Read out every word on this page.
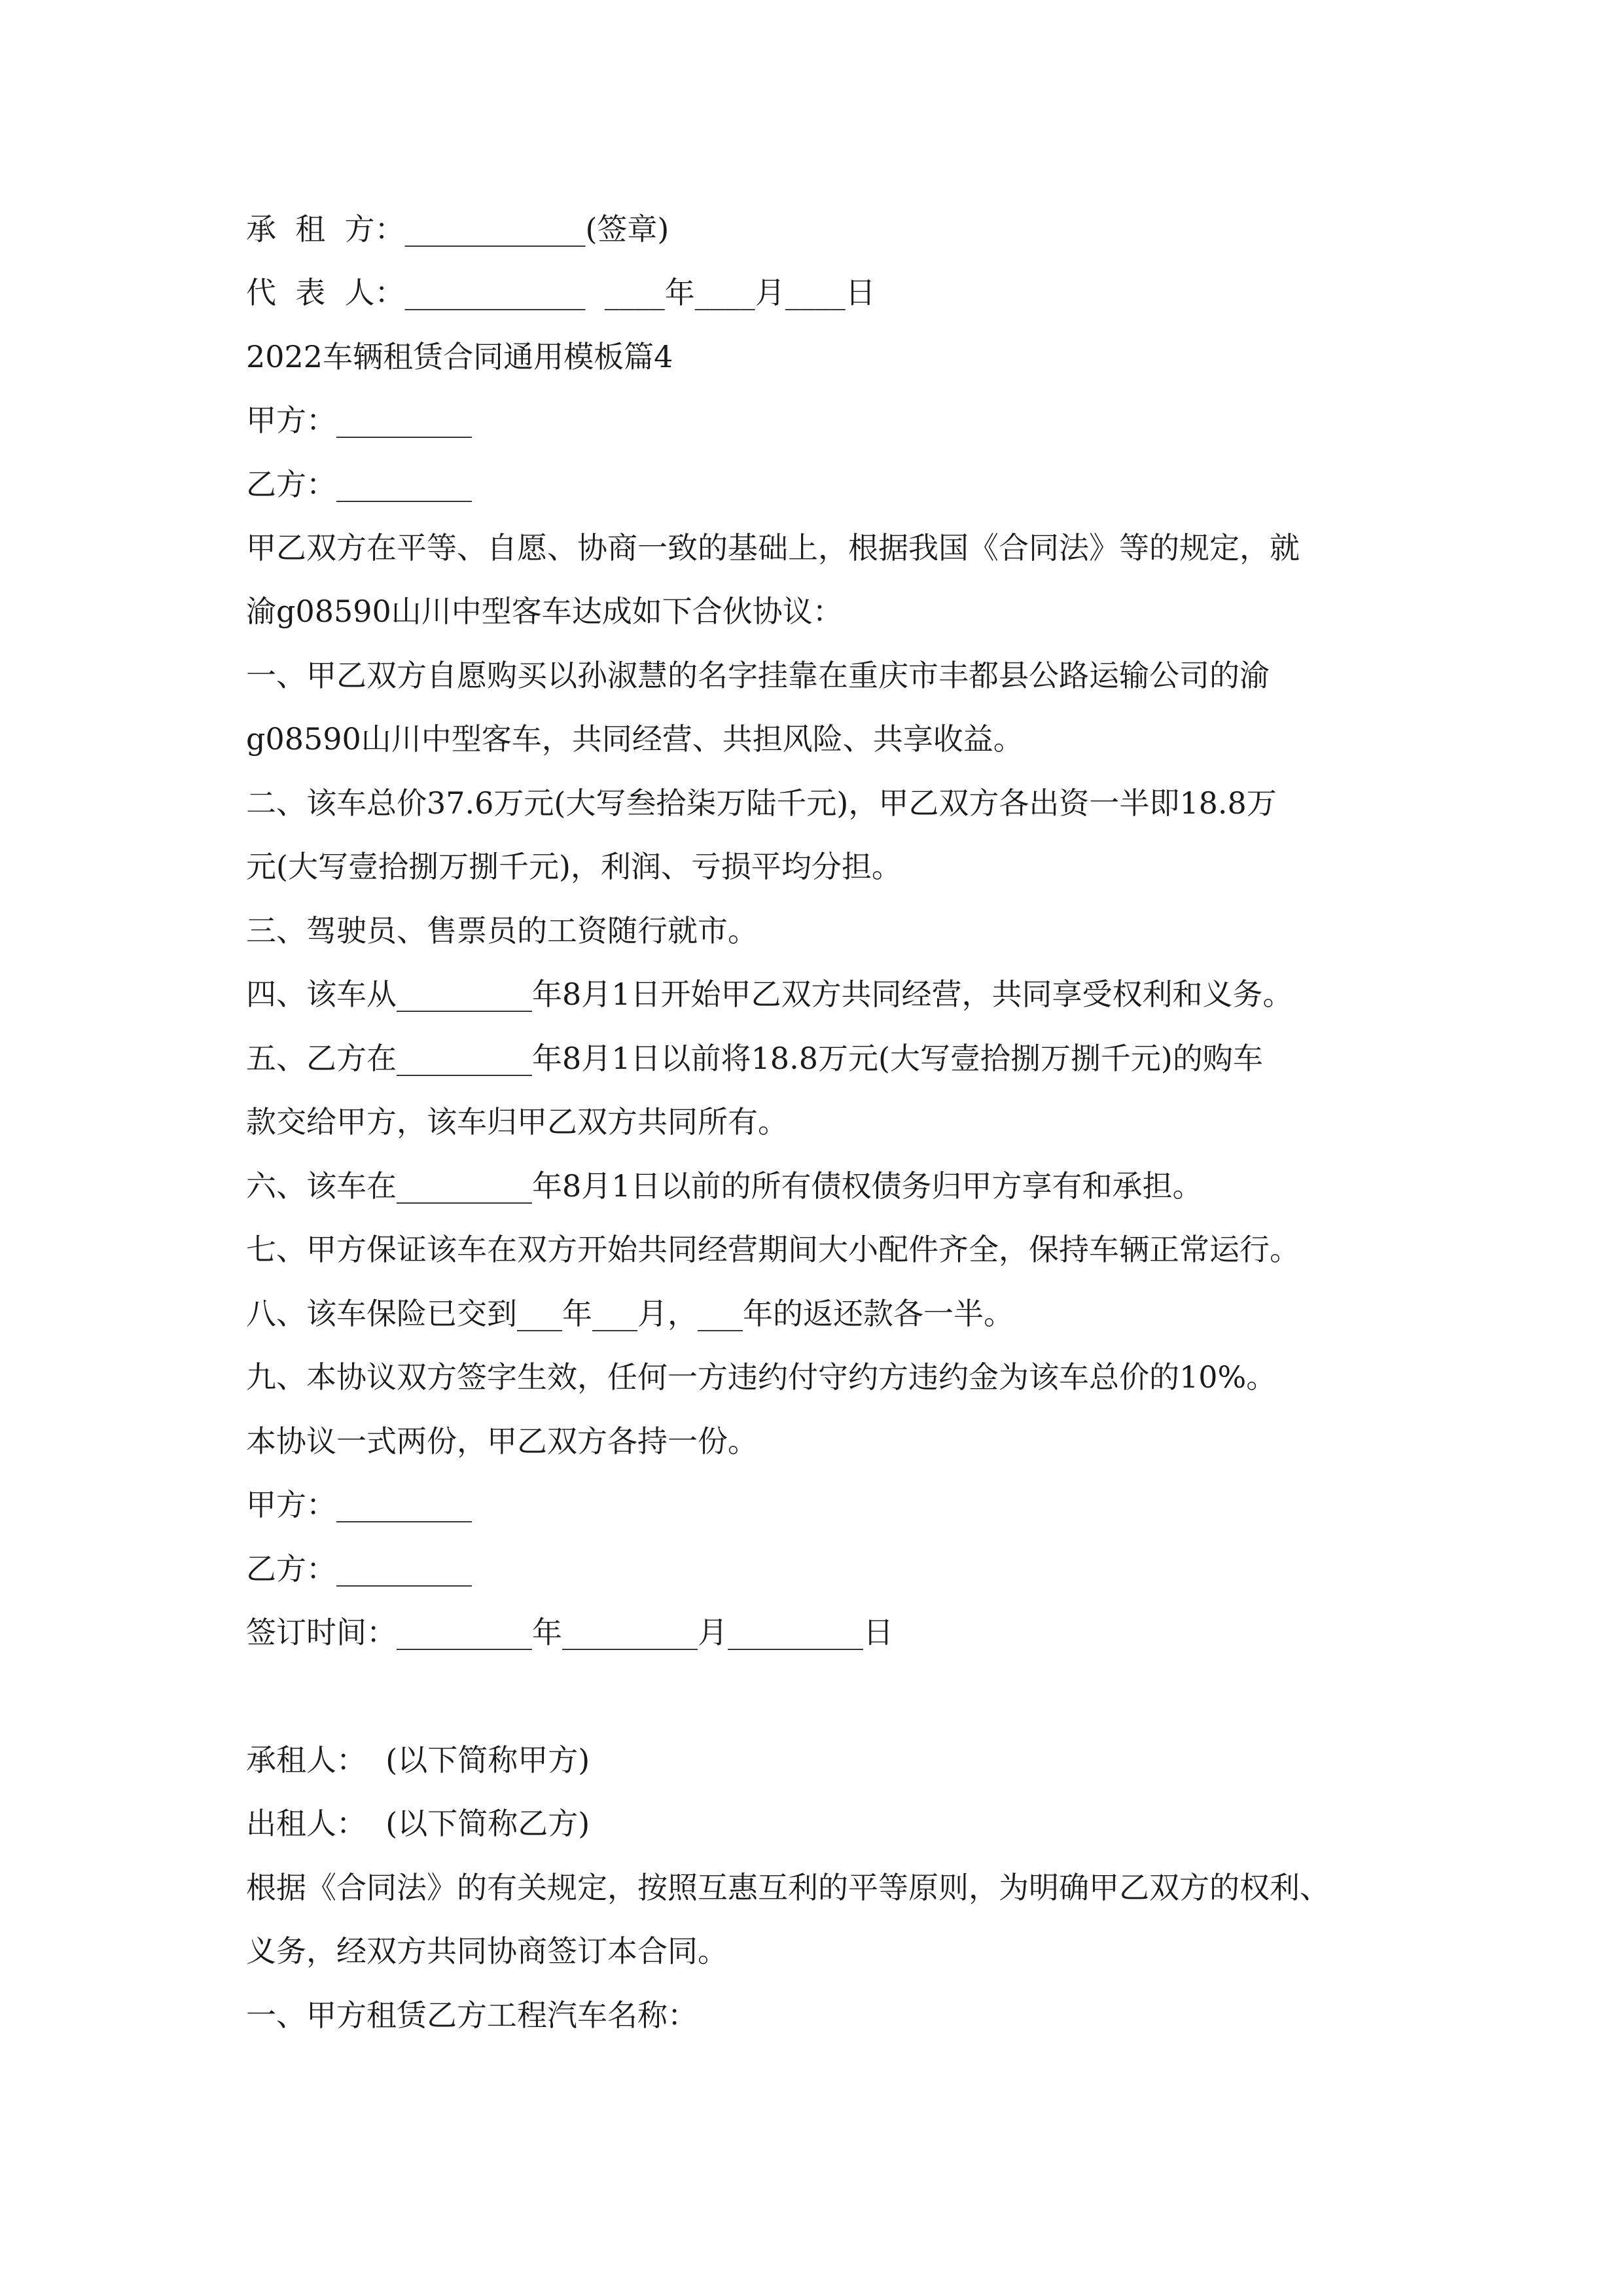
承  租  方：____________(签章)

代  表  人：____________  ____年____月____日

2022车辆租赁合同通用模板篇4

甲方：_________

乙方：_________

甲乙双方在平等、自愿、协商一致的基础上，根据我国《合同法》等的规定，就

渝g08590山川中型客车达成如下合伙协议：

一、甲乙双方自愿购买以孙淑慧的名字挂靠在重庆市丰都县公路运输公司的渝

g08590山川中型客车，共同经营、共担风险、共享收益。

二、该车总价37.6万元(大写叁拾柒万陆千元)，甲乙双方各出资一半即18.8万

元(大写壹拾捌万捌千元)，利润、亏损平均分担。

三、驾驶员、售票员的工资随行就市。

四、该车从_________年8月1日开始甲乙双方共同经营，共同享受权利和义务。

五、乙方在_________年8月1日以前将18.8万元(大写壹拾捌万捌千元)的购车

款交给甲方，该车归甲乙双方共同所有。

六、该车在_________年8月1日以前的所有债权债务归甲方享有和承担。

七、甲方保证该车在双方开始共同经营期间大小配件齐全，保持车辆正常运行。

八、该车保险已交到___年___月，___年的返还款各一半。

九、本协议双方签字生效，任何一方违约付守约方违约金为该车总价的10%。

本协议一式两份，甲乙双方各持一份。

甲方：_________

乙方：_________

签订时间：_________年_________月_________日

承租人：  (以下简称甲方)

出租人：  (以下简称乙方)

根据《合同法》的有关规定，按照互惠互利的平等原则，为明确甲乙双方的权利、

义务，经双方共同协商签订本合同。

一、甲方租赁乙方工程汽车名称：
